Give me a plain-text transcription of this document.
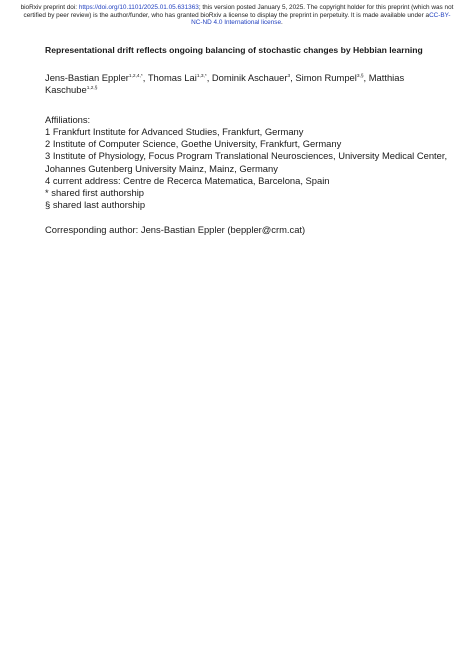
bioRxiv preprint doi: https://doi.org/10.1101/2025.01.05.631363; this version posted January 5, 2025. The copyright holder for this preprint (which was not certified by peer review) is the author/funder, who has granted bioRxiv a license to display the preprint in perpetuity. It is made available under aCC-BY-NC-ND 4.0 International license.
Representational drift reflects ongoing balancing of stochastic changes by Hebbian learning
Jens-Bastian Eppler$^{1,2,4,*}$, Thomas Lai$^{1,3,*}$, Dominik Aschauer$^3$, Simon Rumpel$^{3,\S}$, Matthias Kaschube$^{1,2,\S}$
Affiliations:
1 Frankfurt Institute for Advanced Studies, Frankfurt, Germany
2 Institute of Computer Science, Goethe University, Frankfurt, Germany
3 Institute of Physiology, Focus Program Translational Neurosciences, University Medical Center,
Johannes Gutenberg University Mainz, Mainz, Germany
4 current address: Centre de Recerca Matematica, Barcelona, Spain
* shared first authorship
§ shared last authorship
Corresponding author: Jens-Bastian Eppler (beppler@crm.cat)
